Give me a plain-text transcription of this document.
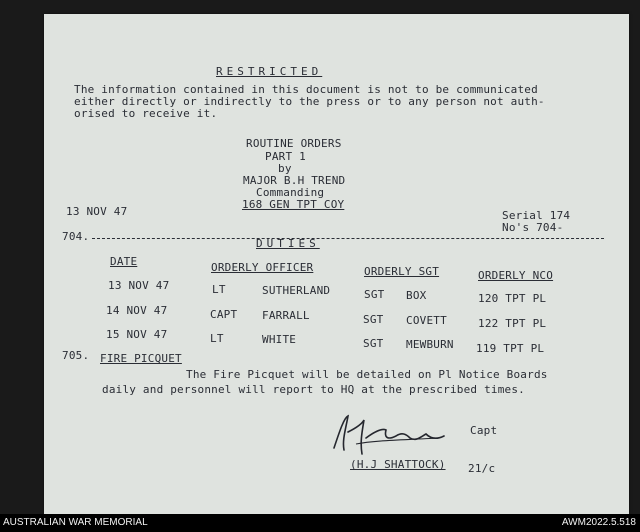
RESTRICTED
The information contained in this document is not to be communicated
either directly or indirectly to the press or to any person not auth-
orised to receive it.
ROUTINE ORDERS
PART 1
by
MAJOR B.H TREND
Commanding
168 GEN TPT COY
13 NOV 47	Serial 174
No's 704-
704.
DUTIES
DATE	ORDERLY OFFICER	ORDERLY SGT	ORDERLY NCO
13 NOV 47	LT	SUTHERLAND	SGT BOX	120 TPT PL
14 NOV 47	CAPT FARRALL	SGT COVETT	122 TPT PL
15 NOV 47	LT	WHITE	SGT MEWBURN 119 TPT PL
705. FIRE PICQUET
The Fire Picquet will be detailed on Pl Notice Boards
daily and personnel will report to HQ at the prescribed times.
Capt
(H.J SHATTOCK) 21/c
AUSTRALIAN WAR MEMORIAL	AWM2022.5.518
